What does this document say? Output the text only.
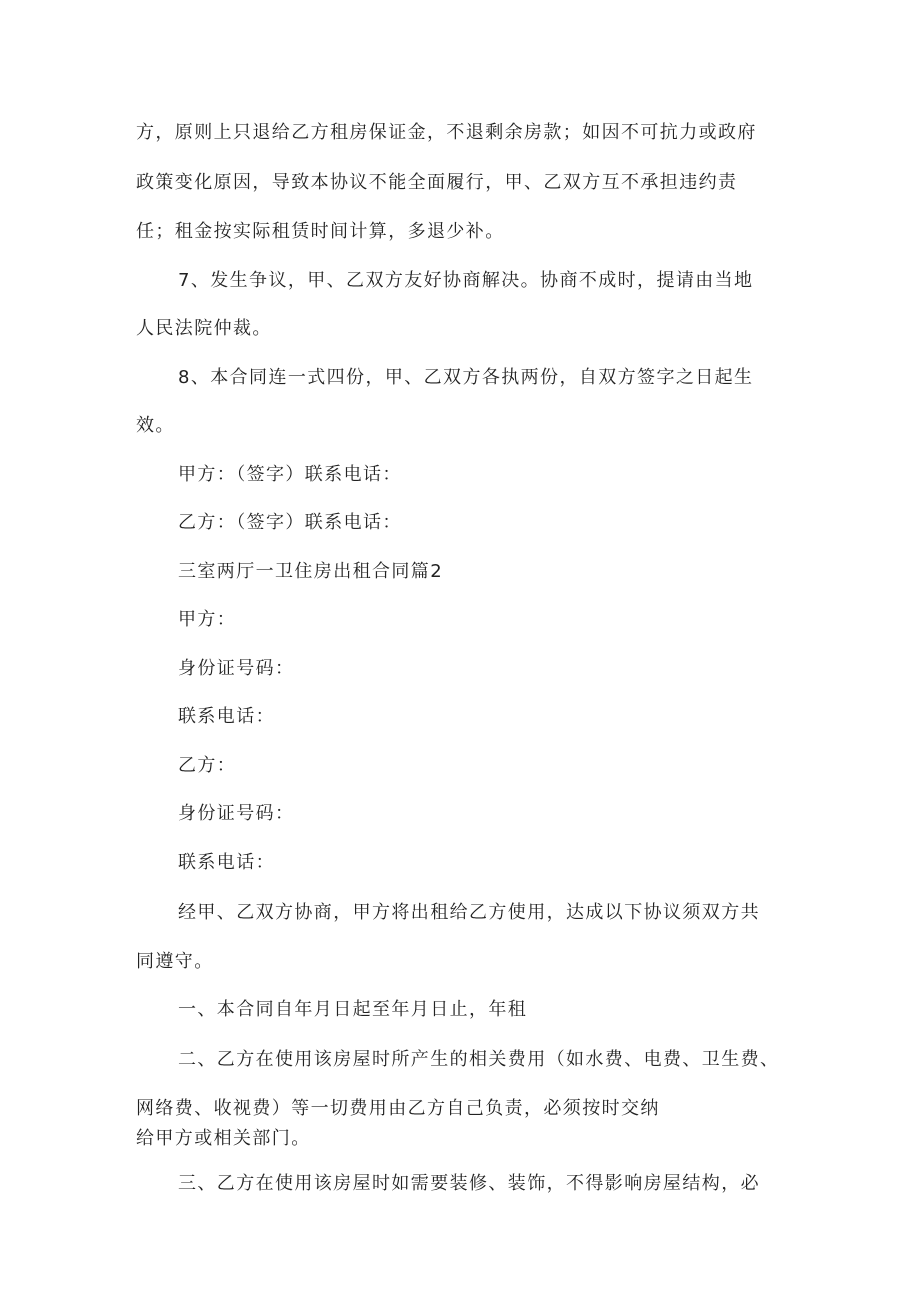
方，原则上只退给乙方租房保证金，不退剩余房款；如因不可抗力或政府

政策变化原因，导致本协议不能全面履行，甲、乙双方互不承担违约责

任；租金按实际租赁时间计算，多退少补。

7、发生争议，甲、乙双方友好协商解决。协商不成时，提请由当地

人民法院仲裁。

8、本合同连一式四份，甲、乙双方各执两份，自双方签字之日起生

效。

甲方：（签字）联系电话：

乙方：（签字）联系电话：

三室两厅一卫住房出租合同篇2

甲方：

身份证号码：

联系电话：

乙方：

身份证号码：

联系电话：

经甲、乙双方协商，甲方将出租给乙方使用，达成以下协议须双方共

同遵守。

一、本合同自年月日起至年月日止，年租

二、乙方在使用该房屋时所产生的相关费用（如水费、电费、卫生费、

网络费、收视费）等一切费用由乙方自己负责，必须按时交纳

给甲方或相关部门。

三、乙方在使用该房屋时如需要装修、装饰，不得影响房屋结构，必
